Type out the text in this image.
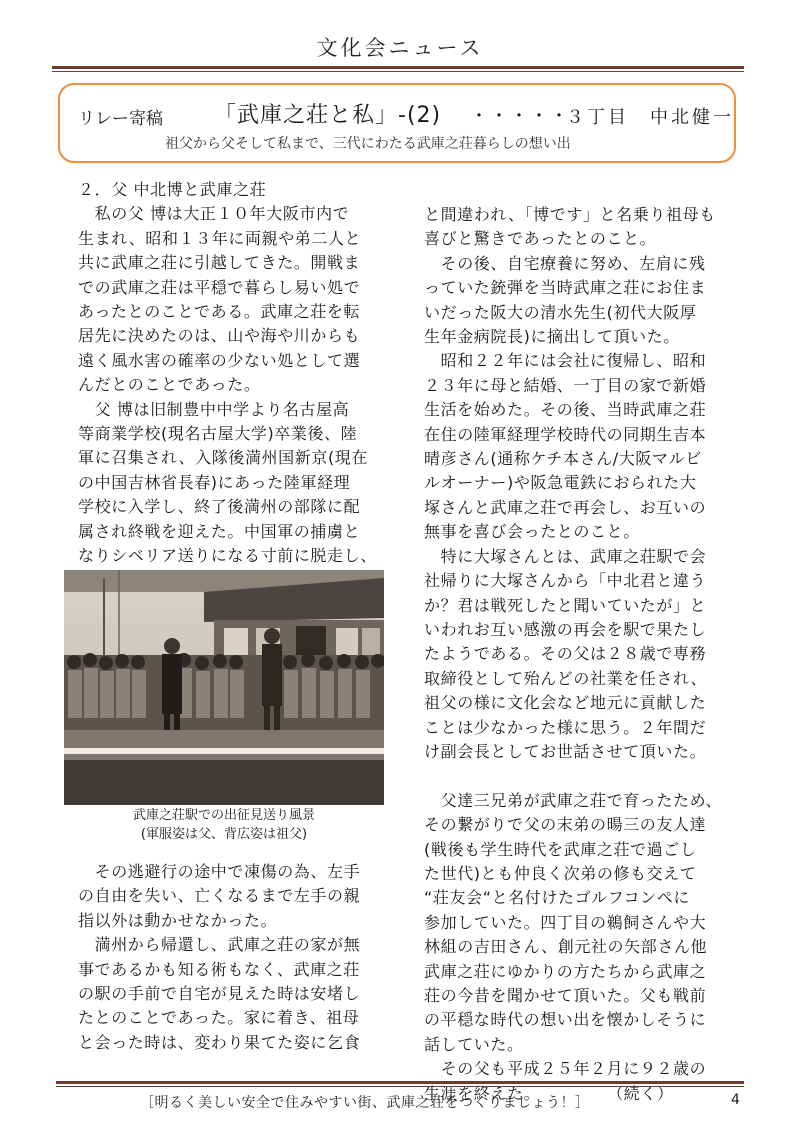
文化会ニュース
リレー寄稿 「武庫之荘と私」-(2) ・・・・・
３丁目　中北健一
祖父から父そして私まで、三代にわたる武庫之荘暮らしの想い出

２．父 中北博と武庫之荘

　私の父 博は大正１０年大阪市内で

生まれ、昭和１３年に両親や弟二人と

共に武庫之荘に引越してきた。開戦ま

での武庫之荘は平穏で暮らし易い処で

あったとのことである。武庫之荘を転

居先に決めたのは、山や海や川からも

遠く風水害の確率の少ない処として選

んだとのことであった。

　父 博は旧制豊中中学より名古屋高

等商業学校(現名古屋大学)卒業後、陸

軍に召集され、入隊後満州国新京(現在

の中国吉林省長春)にあった陸軍経理

学校に入学し、終了後満州の部隊に配

属され終戦を迎えた。中国軍の捕虜と

なりシベリア送りになる寸前に脱走し、

武庫之荘駅での出征見送り風景
(軍服姿は父、背広姿は祖父)

　その逃避行の途中で凍傷の為、左手

の自由を失い、亡くなるまで左手の親

指以外は動かせなかった。

　満州から帰還し、武庫之荘の家が無

事であるかも知る術もなく、武庫之荘

の駅の手前で自宅が見えた時は安堵し

たとのことであった。家に着き、祖母

と会った時は、変わり果てた姿に乞食

と間違われ、「博です」と名乗り祖母も

喜びと驚きであったとのこと。

　その後、自宅療養に努め、左肩に残

っていた銃弾を当時武庫之荘にお住ま

いだった阪大の清水先生(初代大阪厚

生年金病院長)に摘出して頂いた。

　昭和２２年には会社に復帰し、昭和

２３年に母と結婚、一丁目の家で新婚

生活を始めた。その後、当時武庫之荘

在住の陸軍経理学校時代の同期生吉本

晴彦さん(通称ケチ本さん/大阪マルビ

ルオーナー)や阪急電鉄におられた大

塚さんと武庫之荘で再会し、お互いの

無事を喜び会ったとのこと。

　特に大塚さんとは、武庫之荘駅で会

社帰りに大塚さんから「中北君と違う

か？君は戦死したと聞いていたが」と

いわれお互い感激の再会を駅で果たし

たようである。その父は２８歳で専務

取締役として殆んどの社業を任され、

祖父の様に文化会など地元に貢献した

ことは少なかった様に思う。２年間だ

け副会長としてお世話させて頂いた。

　父達三兄弟が武庫之荘で育ったため、

その繋がりで父の末弟の暘三の友人達

(戦後も学生時代を武庫之荘で過ごし

た世代)とも仲良く次弟の修も交えて

“荘友会“と名付けたゴルフコンペに

参加していた。四丁目の鵜飼さんや大

林組の吉田さん、創元社の矢部さん他

武庫之荘にゆかりの方たちから武庫之

荘の今昔を聞かせて頂いた。父も戦前

の平穏な時代の想い出を懐かしそうに

話していた。

　その父も平成２５年２月に９２歳の

生涯を終えた。　　　　　（続く）

［明るく美しい安全で住みやすい街、武庫之荘をつくりましょう！］	4
